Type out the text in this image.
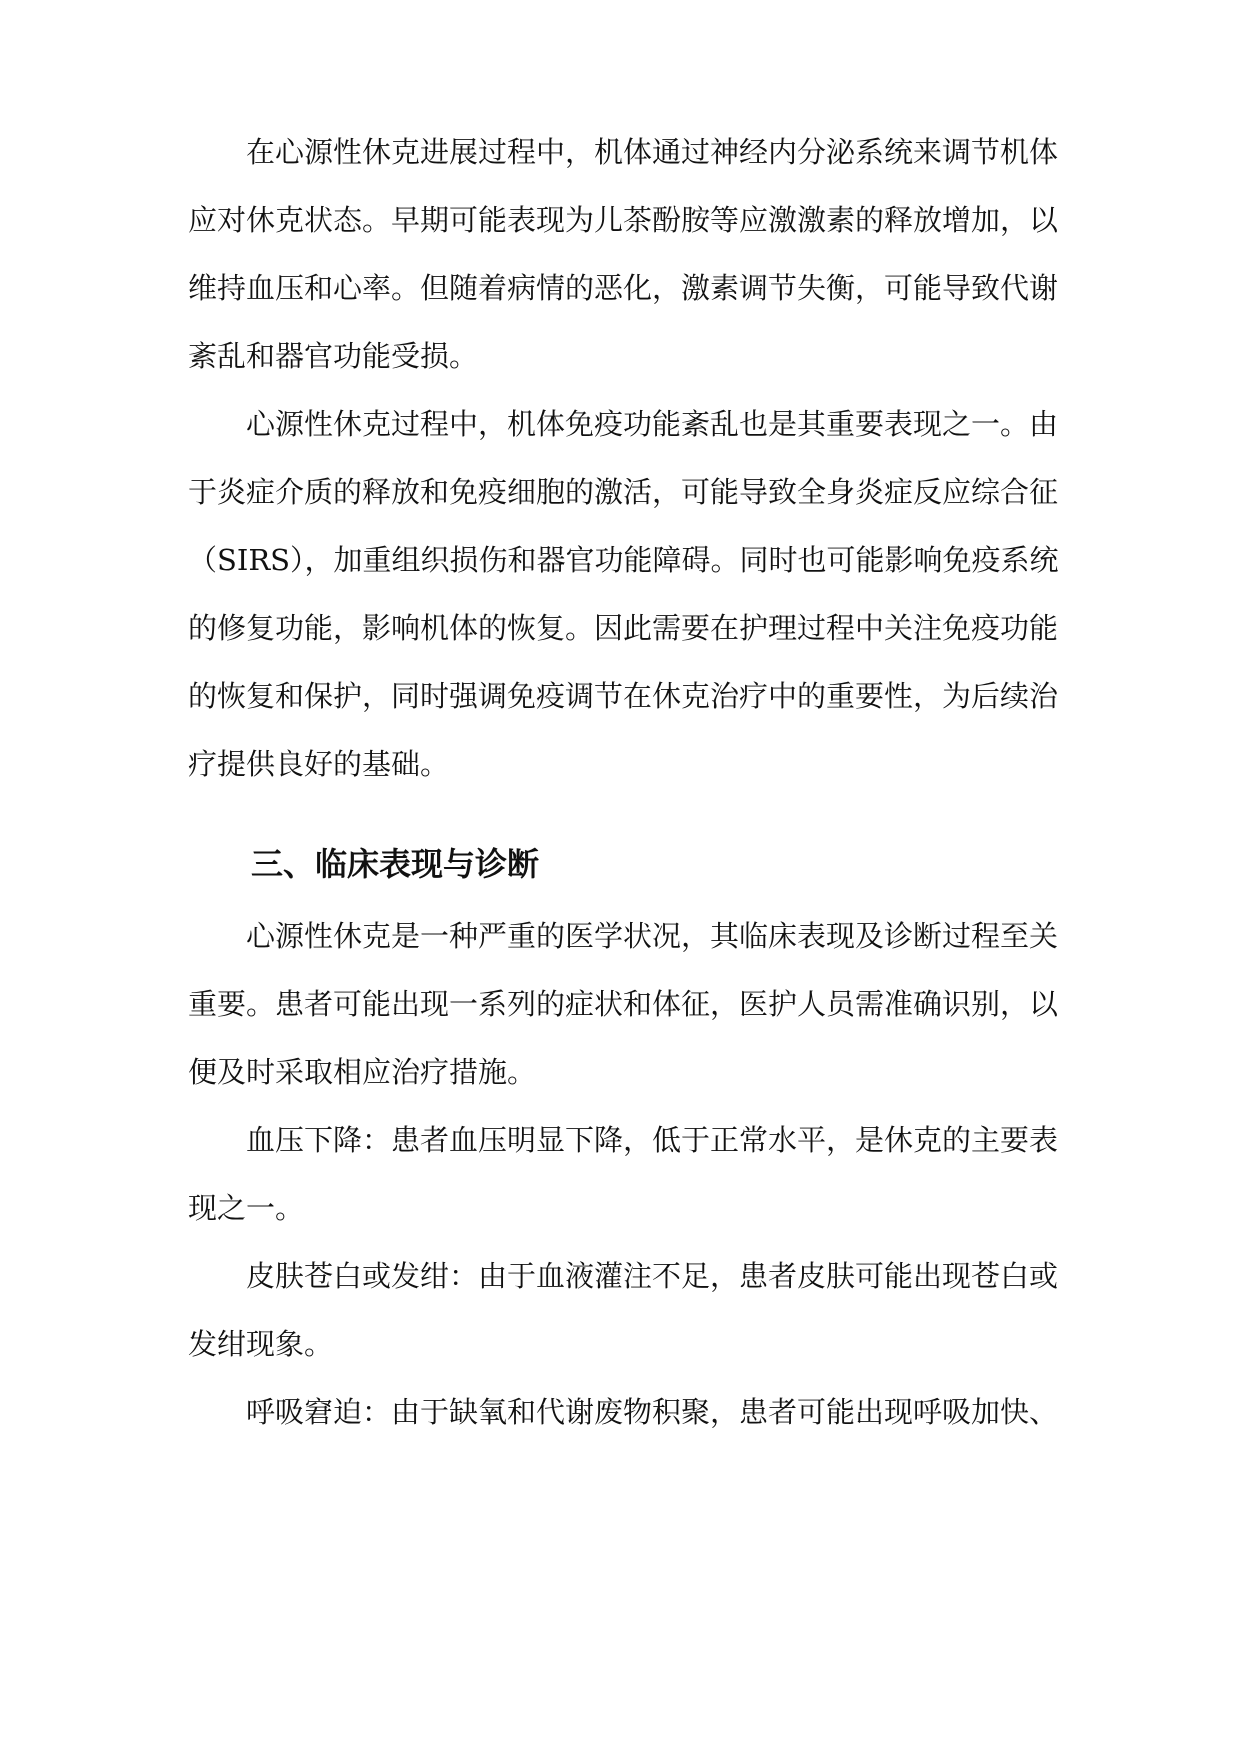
在心源性休克进展过程中，机体通过神经内分泌系统来调节机体

应对休克状态。早期可能表现为儿茶酚胺等应激激素的释放增加，以

维持血压和心率。但随着病情的恶化，激素调节失衡，可能导致代谢

紊乱和器官功能受损。

心源性休克过程中，机体免疫功能紊乱也是其重要表现之一。由

于炎症介质的释放和免疫细胞的激活，可能导致全身炎症反应综合征

（SIRS），加重组织损伤和器官功能障碍。同时也可能影响免疫系统

的修复功能，影响机体的恢复。因此需要在护理过程中关注免疫功能

的恢复和保护，同时强调免疫调节在休克治疗中的重要性，为后续治

疗提供良好的基础。

三、临床表现与诊断

心源性休克是一种严重的医学状况，其临床表现及诊断过程至关

重要。患者可能出现一系列的症状和体征，医护人员需准确识别，以

便及时采取相应治疗措施。

血压下降：患者血压明显下降，低于正常水平，是休克的主要表

现之一。

皮肤苍白或发绀：由于血液灌注不足，患者皮肤可能出现苍白或

发绀现象。

呼吸窘迫：由于缺氧和代谢废物积聚，患者可能出现呼吸加快、
